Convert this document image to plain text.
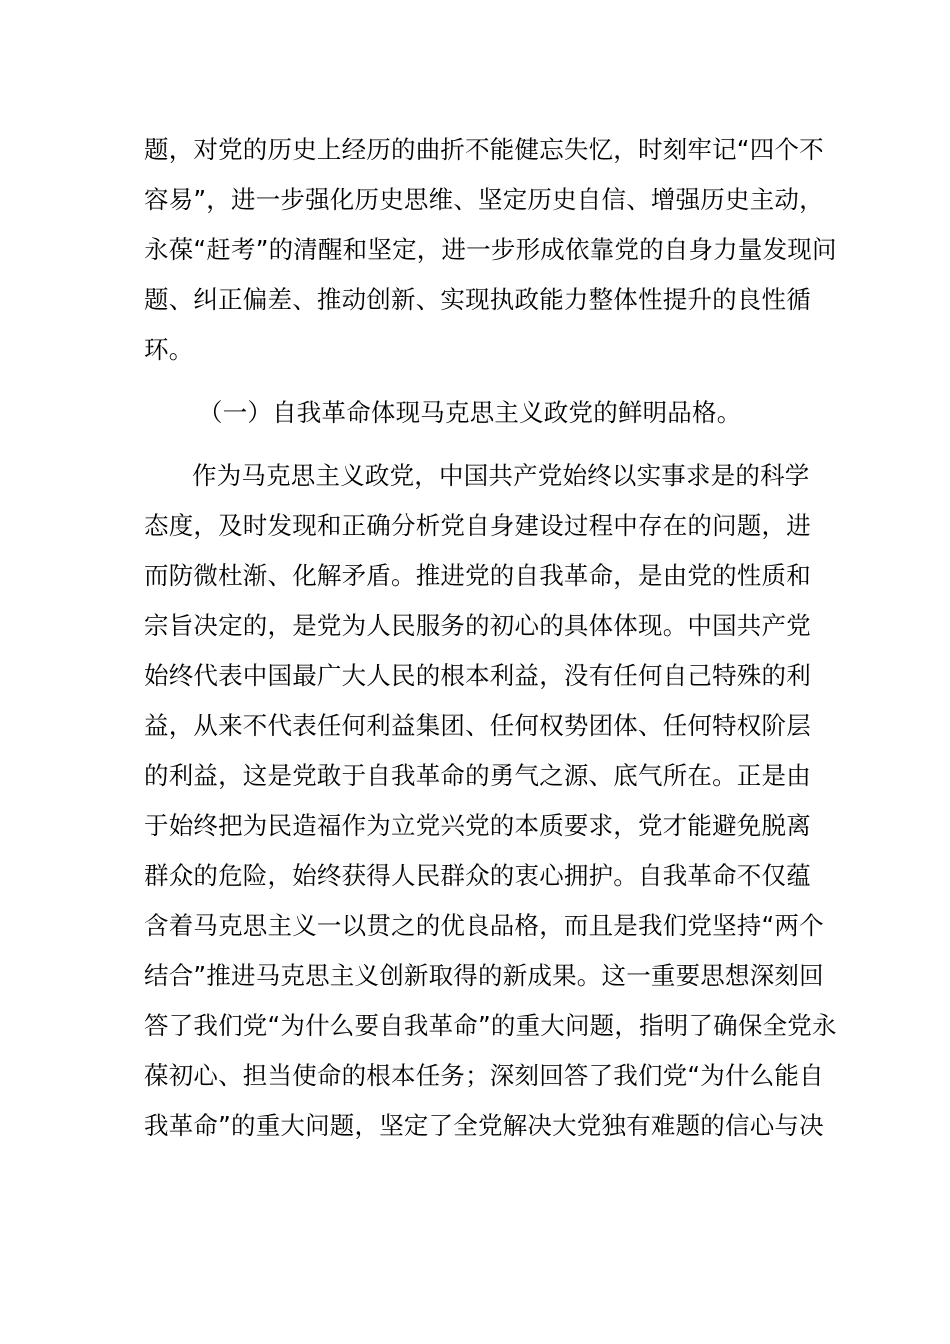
题，对党的历史上经历的曲折不能健忘失忆，时刻牢记“四个不
容易”，进一步强化历史思维、坚定历史自信、增强历史主动，
永葆“赶考”的清醒和坚定，进一步形成依靠党的自身力量发现问
题、纠正偏差、推动创新、实现执政能力整体性提升的良性循
环。
（一）自我革命体现马克思主义政党的鲜明品格。
作为马克思主义政党，中国共产党始终以实事求是的科学
态度，及时发现和正确分析党自身建设过程中存在的问题，进
而防微杜渐、化解矛盾。推进党的自我革命，是由党的性质和
宗旨决定的，是党为人民服务的初心的具体体现。中国共产党
始终代表中国最广大人民的根本利益，没有任何自己特殊的利
益，从来不代表任何利益集团、任何权势团体、任何特权阶层
的利益，这是党敢于自我革命的勇气之源、底气所在。正是由
于始终把为民造福作为立党兴党的本质要求，党才能避免脱离
群众的危险，始终获得人民群众的衷心拥护。自我革命不仅蕴
含着马克思主义一以贯之的优良品格，而且是我们党坚持“两个
结合”推进马克思主义创新取得的新成果。这一重要思想深刻回
答了我们党“为什么要自我革命”的重大问题，指明了确保全党永
葆初心、担当使命的根本任务；深刻回答了我们党“为什么能自
我革命”的重大问题，坚定了全党解决大党独有难题的信心与决
